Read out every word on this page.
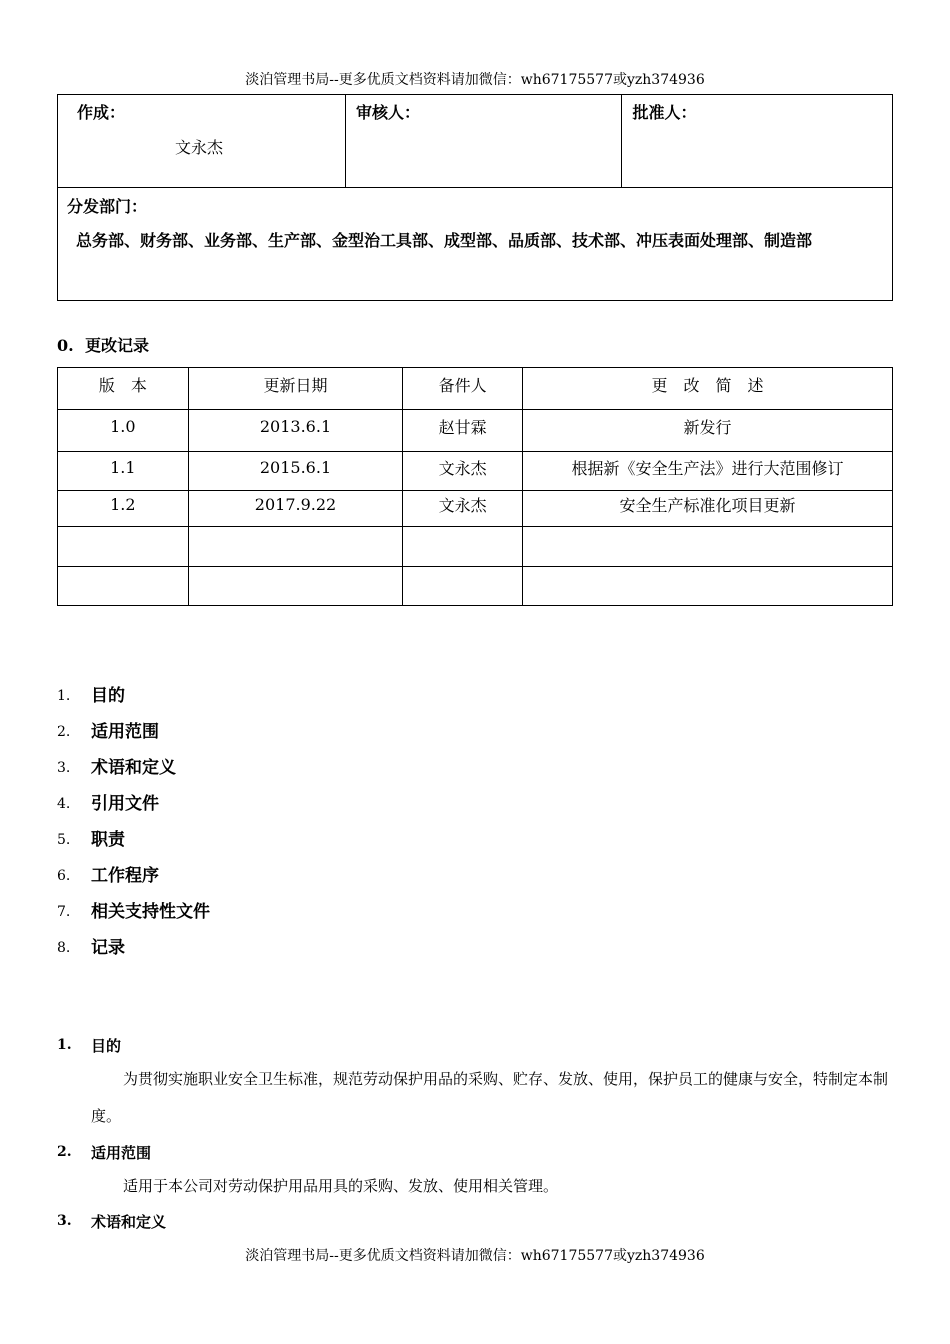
淡泊管理书局--更多优质文档资料请加微信：wh67175577或yzh374936
作成：
文永杰

审核人：	批准人：

分发部门：
总务部、财务部、业务部、生产部、金型治工具部、成型部、品质部、技术部、冲压表面处理部、制造部
0. 更改记录
版　本	更新日期	备件人	更　改　简　述
1.0	2013.6.1	赵甘霖	新发行
1.1	2015.6.1	文永杰	根据新《安全生产法》进行大范围修订
1.2	2017.9.22	文永杰	安全生产标准化项目更新

1.	目的
2.	适用范围
3.	术语和定义
4.	引用文件
5.	职责
6.	工作程序
7.	相关支持性文件
8.	记录
1.	目的

为贯彻实施职业安全卫生标准，规范劳动保护用品的采购、贮存、发放、使用，保护员工的健康与安全，特制定本制度。

2.	适用范围

适用于本公司对劳动保护用品用具的采购、发放、使用相关管理。

3.	术语和定义
淡泊管理书局--更多优质文档资料请加微信：wh67175577或yzh374936
